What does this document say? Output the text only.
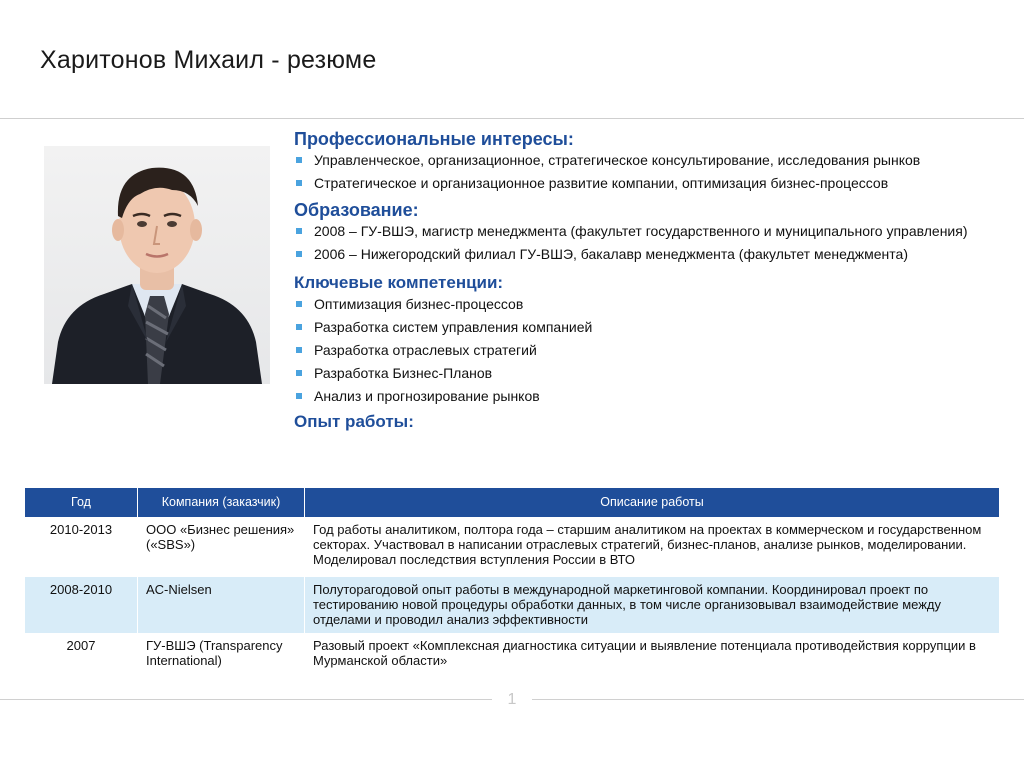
Харитонов Михаил - резюме
Профессиональные интересы:
Управленческое, организационное, стратегическое консультирование, исследования рынков
Стратегическое и организационное развитие компании, оптимизация бизнес-процессов
Образование:
2008 – ГУ-ВШЭ, магистр менеджмента (факультет государственного и муниципального управления)
2006 – Нижегородский филиал ГУ-ВШЭ, бакалавр менеджмента (факультет менеджмента)
Ключевые компетенции:
Оптимизация бизнес-процессов
Разработка систем управления компанией
Разработка отраслевых стратегий
Разработка Бизнес-Планов
Анализ и прогнозирование рынков
Опыт работы:
Год	Компания (заказчик)	Описание работы
2010-2013	ООО «Бизнес решения» («SBS»)	Год работы аналитиком, полтора года – старшим аналитиком на проектах в коммерческом и государственном секторах. Участвовал в написании отраслевых стратегий, бизнес-планов, анализе рынков, моделировании. Моделировал последствия вступления России в ВТО
2008-2010	AC-Nielsen	Полуторагодовой опыт работы в международной маркетинговой компании. Координировал проект по тестированию новой процедуры обработки данных, в том числе организовывал взаимодействие между отделами и проводил анализ эффективности
2007	ГУ-ВШЭ (Transparency International)	Разовый проект «Комплексная диагностика ситуации и выявление потенциала противодействия коррупции в Мурманской области»
1
